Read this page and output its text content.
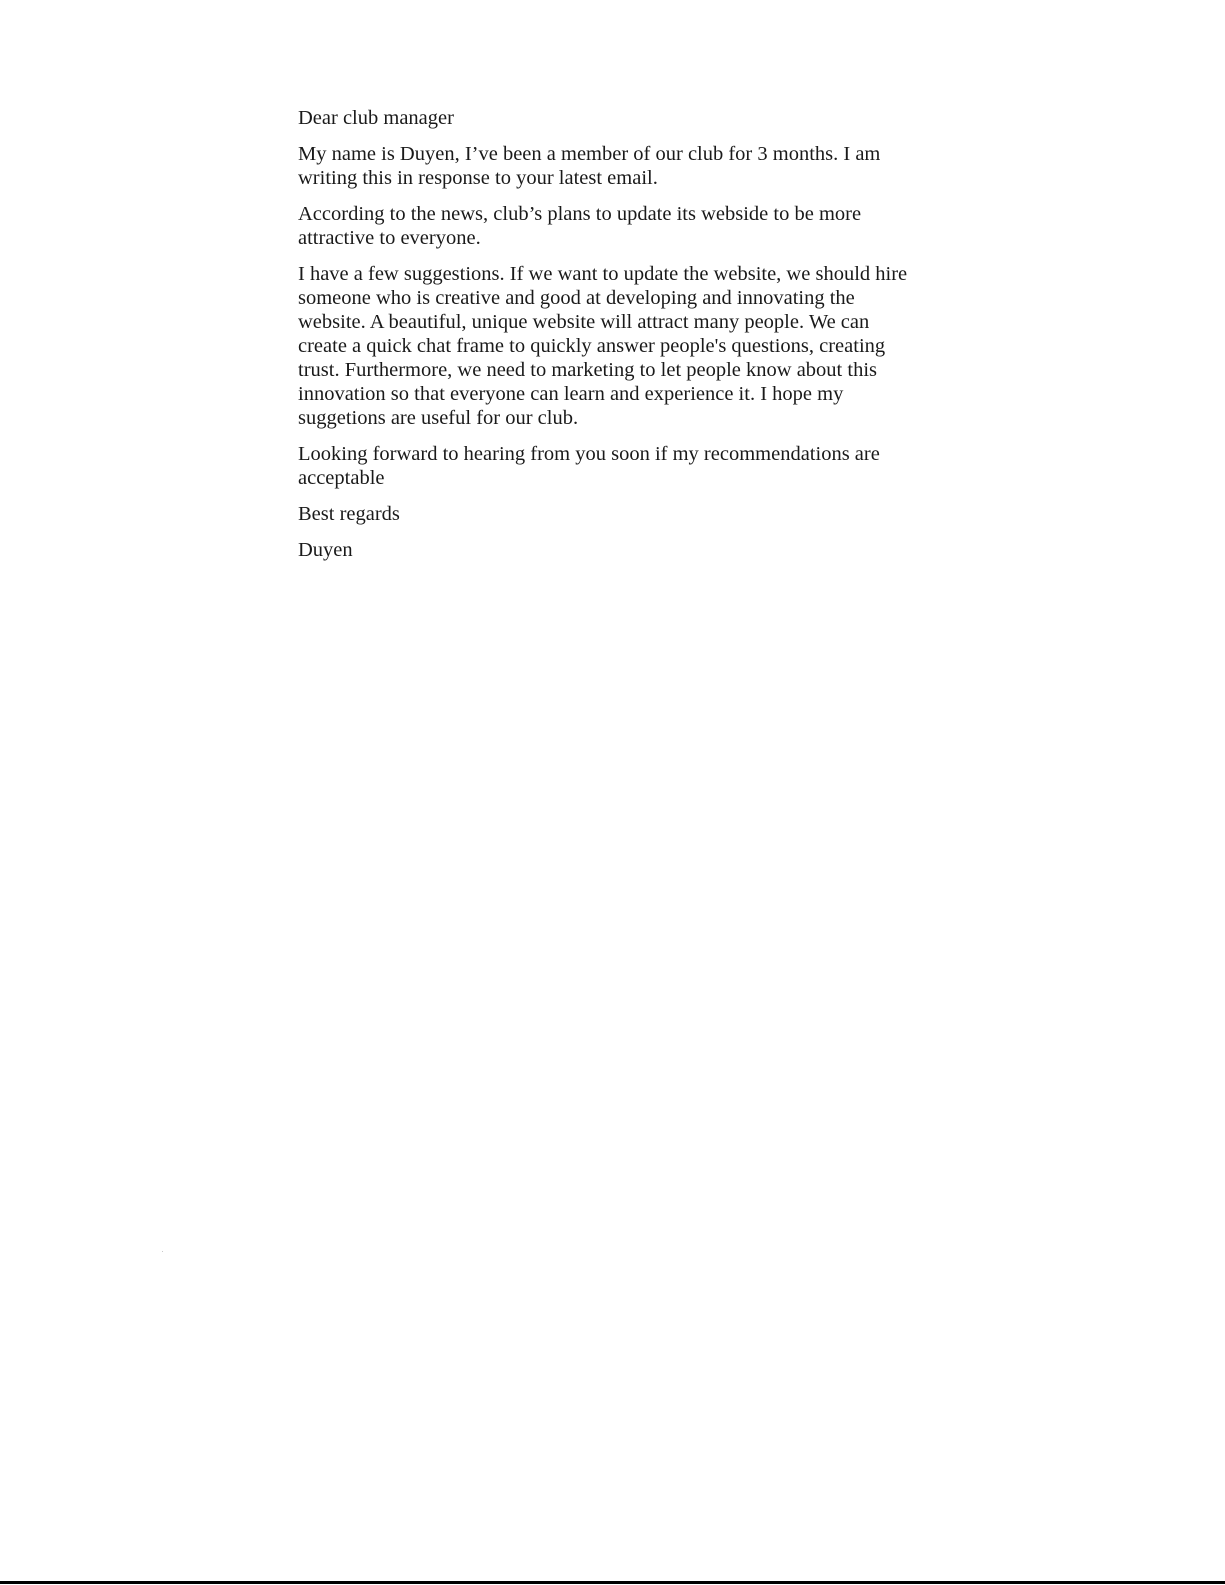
Dear club manager

My name is Duyen, I’ve been a member of our club for 3 months. I am writing this in response to your latest email.

According to the news, club’s plans to update its webside to be more attractive to everyone.

I have a few suggestions. If we want to update the website, we should hire someone who is creative and good at developing and innovating the website. A beautiful, unique website will attract many people. We can create a quick chat frame to quickly answer people's questions, creating trust. Furthermore, we need to marketing to let people know about this innovation so that everyone can learn and experience it. I hope my suggetions are useful for our club.

Looking forward to hearing from you soon if my recommendations are acceptable

Best regards

Duyen
